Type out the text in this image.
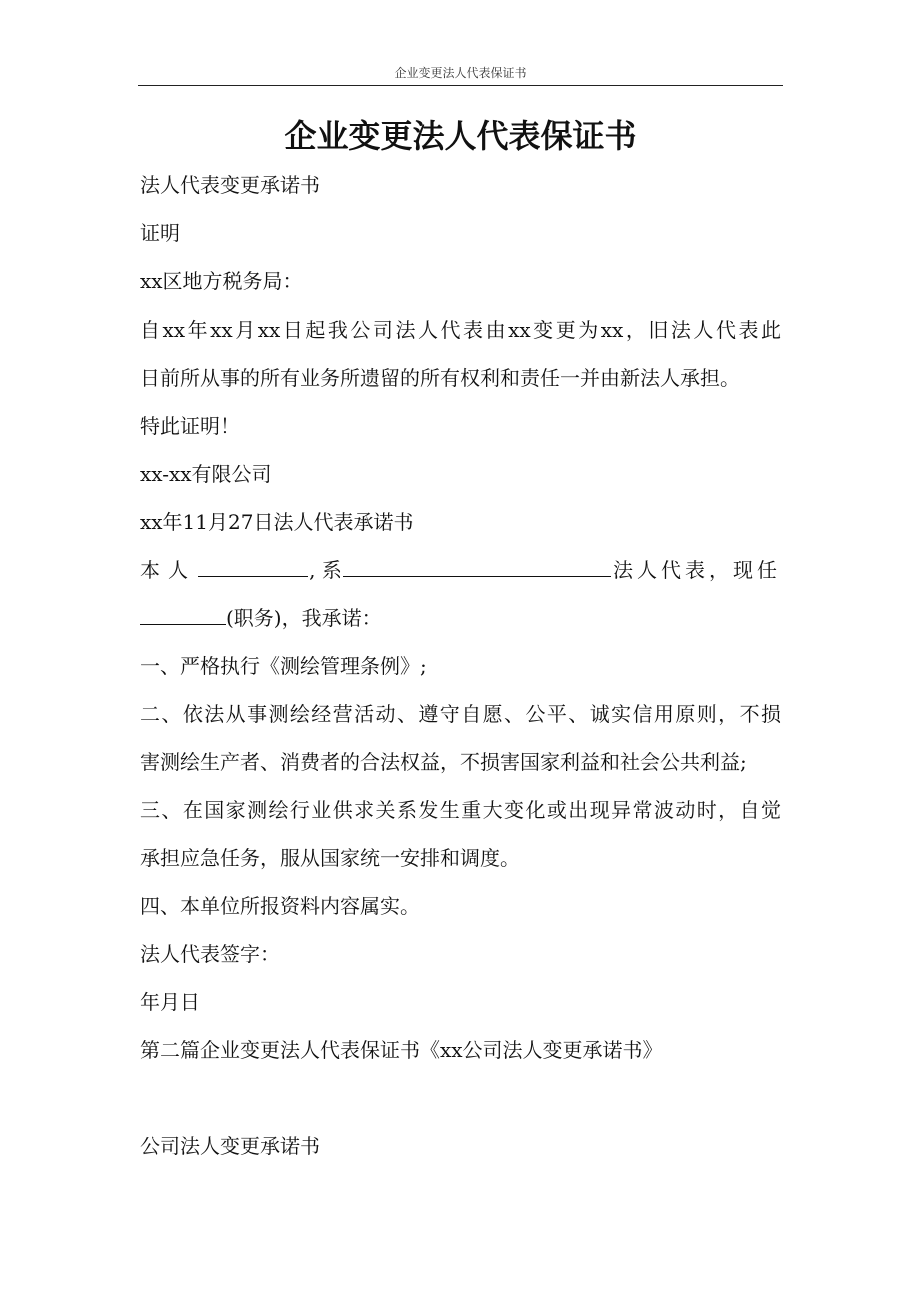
企业变更法人代表保证书
企业变更法人代表保证书

法人代表变更承诺书

证明

xx区地方税务局：

自xx年xx月xx日起我公司法人代表由xx变更为xx，旧法人代表此

日前所从事的所有业务所遗留的所有权利和责任一并由新法人承担。

特此证明！

xx-xx有限公司

xx年11月27日法人代表承诺书

本人	, 系	法人代表，现任

(职务)，我承诺：

一、严格执行《测绘管理条例》;

二、依法从事测绘经营活动、遵守自愿、公平、诚实信用原则，不损

害测绘生产者、消费者的合法权益，不损害国家利益和社会公共利益;

三、在国家测绘行业供求关系发生重大变化或出现异常波动时，自觉

承担应急任务，服从国家统一安排和调度。

四、本单位所报资料内容属实。

法人代表签字：

年月日

第二篇企业变更法人代表保证书《xx公司法人变更承诺书》

公司法人变更承诺书
